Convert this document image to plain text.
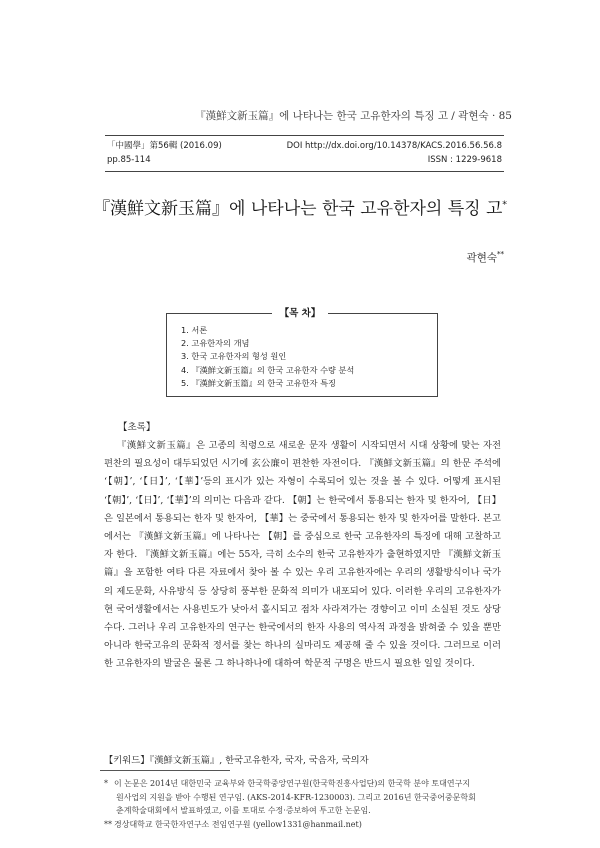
『漢鮮文新玉篇』에 나타나는 한국 고유한자의 특징 고 / 곽현숙 · 85
「中國學」第56輯 (2016.09)	DOI http://dx.doi.org/10.14378/KACS.2016.56.56.8
pp.85-114	ISSN : 1229-9618
『漢鮮文新玉篇』에 나타나는 한국 고유한자의 특징 고*
곽현숙**
1. 서론
2. 고유한자의 개념
3. 한국 고유한자의 형성 원인
4. 『漢鮮文新玉篇』의 한국 고유한자 수량 분석
5. 『漢鮮文新玉篇』의 한국 고유한자 특징
【목 차】
【초록】

『漢鮮文新玉篇』은 고종의 칙령으로 새로운 문자 생활이 시작되면서 시대 상황에 맞는 자전 편찬의 필요성이 대두되었던 시기에 玄公廉이 편찬한 자전이다. 『漢鮮文新玉篇』의 한문 주석에 ‘【朝】’, ‘【日】’, ‘【華】’등의 표시가 있는 자형이 수록되어 있는 것을 볼 수 있다. 어떻게 표시된 ‘【朝】’, ‘【日】’, ‘【華】’의 의미는 다음과 같다. 【朝】는 한국에서 통용되는 한자 및 한자어, 【日】은 일본에서 통용되는 한자 및 한자어, 【華】는 중국에서 통용되는 한자 및 한자어를 말한다. 본고에서는 『漢鮮文新玉篇』에 나타나는 【朝】를 중심으로 한국 고유한자의 특징에 대해 고찰하고자 한다. 『漢鮮文新玉篇』에는 55자, 극히 소수의 한국 고유한자가 출현하였지만 『漢鮮文新玉篇』을 포함한 여타 다른 자료에서 찾아 볼 수 있는 우리 고유한자에는 우리의 생활방식이나 국가의 제도문화, 사유방식 등 상당히 풍부한 문화적 의미가 내포되어 있다. 이러한 우리의 고유한자가 현 국어생활에서는 사용빈도가 낮아서 홀시되고 점차 사라져가는 경향이고 이미 소실된 것도 상당수다. 그러나 우리 고유한자의 연구는 한국에서의 한자 사용의 역사적 과정을 밝혀줄 수 있을 뿐만 아니라 한국고유의 문화적 정서를 찾는 하나의 실마리도 제공해 줄 수 있을 것이다. 그러므로 이러한 고유한자의 발굴은 물론 그 하나하나에 대하여 학문적 구명은 반드시 필요한 일일 것이다.

【키워드】『漢鮮文新玉篇』, 한국고유한자, 국자, 국음자, 국의자

* 이 논문은 2014년 대한민국 교육부와 한국학중앙연구원(한국학진흥사업단)의 한국학 분야 토대연구지
원사업의 지원을 받아 수행된 연구임. (AKS-2014-KFR-1230003). 그리고 2016년 한국중어중문학회
춘계학술대회에서 발표하였고, 이를 토대로 수정·증보하여 투고한 논문임.

** 경상대학교 한국한자연구소 전임연구원 (yellow1331@hanmail.net)
